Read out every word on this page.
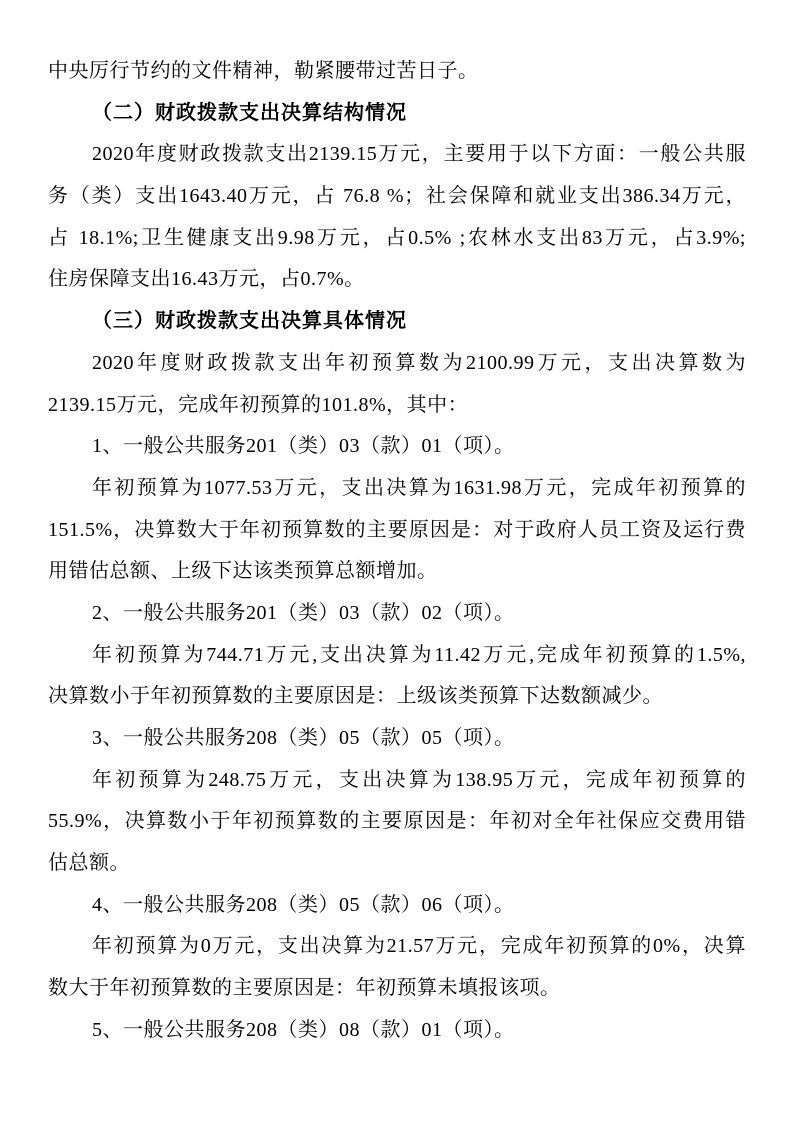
中央厉行节约的文件精神，勒紧腰带过苦日子。

（二）财政拨款支出决算结构情况

2020年度财政拨款支出2139.15万元，主要用于以下方面：一般公共服

务（类）支出1643.40万元，占 76.8 %；社会保障和就业支出386.34万元，

占 18.1%;卫生健康支出9.98万元，占0.5% ;农林水支出83万元，占3.9%;

住房保障支出16.43万元，占0.7%。

（三）财政拨款支出决算具体情况

2020年度财政拨款支出年初预算数为2100.99万元，支出决算数为

2139.15万元，完成年初预算的101.8%，其中：

1、一般公共服务201（类）03（款）01（项）。

年初预算为1077.53万元，支出决算为1631.98万元，完成年初预算的

151.5%，决算数大于年初预算数的主要原因是：对于政府人员工资及运行费

用错估总额、上级下达该类预算总额增加。

2、一般公共服务201（类）03（款）02（项）。

年初预算为744.71万元,支出决算为11.42万元,完成年初预算的1.5%,

决算数小于年初预算数的主要原因是：上级该类预算下达数额减少。

3、一般公共服务208（类）05（款）05（项）。

年初预算为248.75万元，支出决算为138.95万元，完成年初预算的

55.9%，决算数小于年初预算数的主要原因是：年初对全年社保应交费用错

估总额。

4、一般公共服务208（类）05（款）06（项）。

年初预算为0万元，支出决算为21.57万元，完成年初预算的0%，决算

数大于年初预算数的主要原因是：年初预算未填报该项。

5、一般公共服务208（类）08（款）01（项）。
